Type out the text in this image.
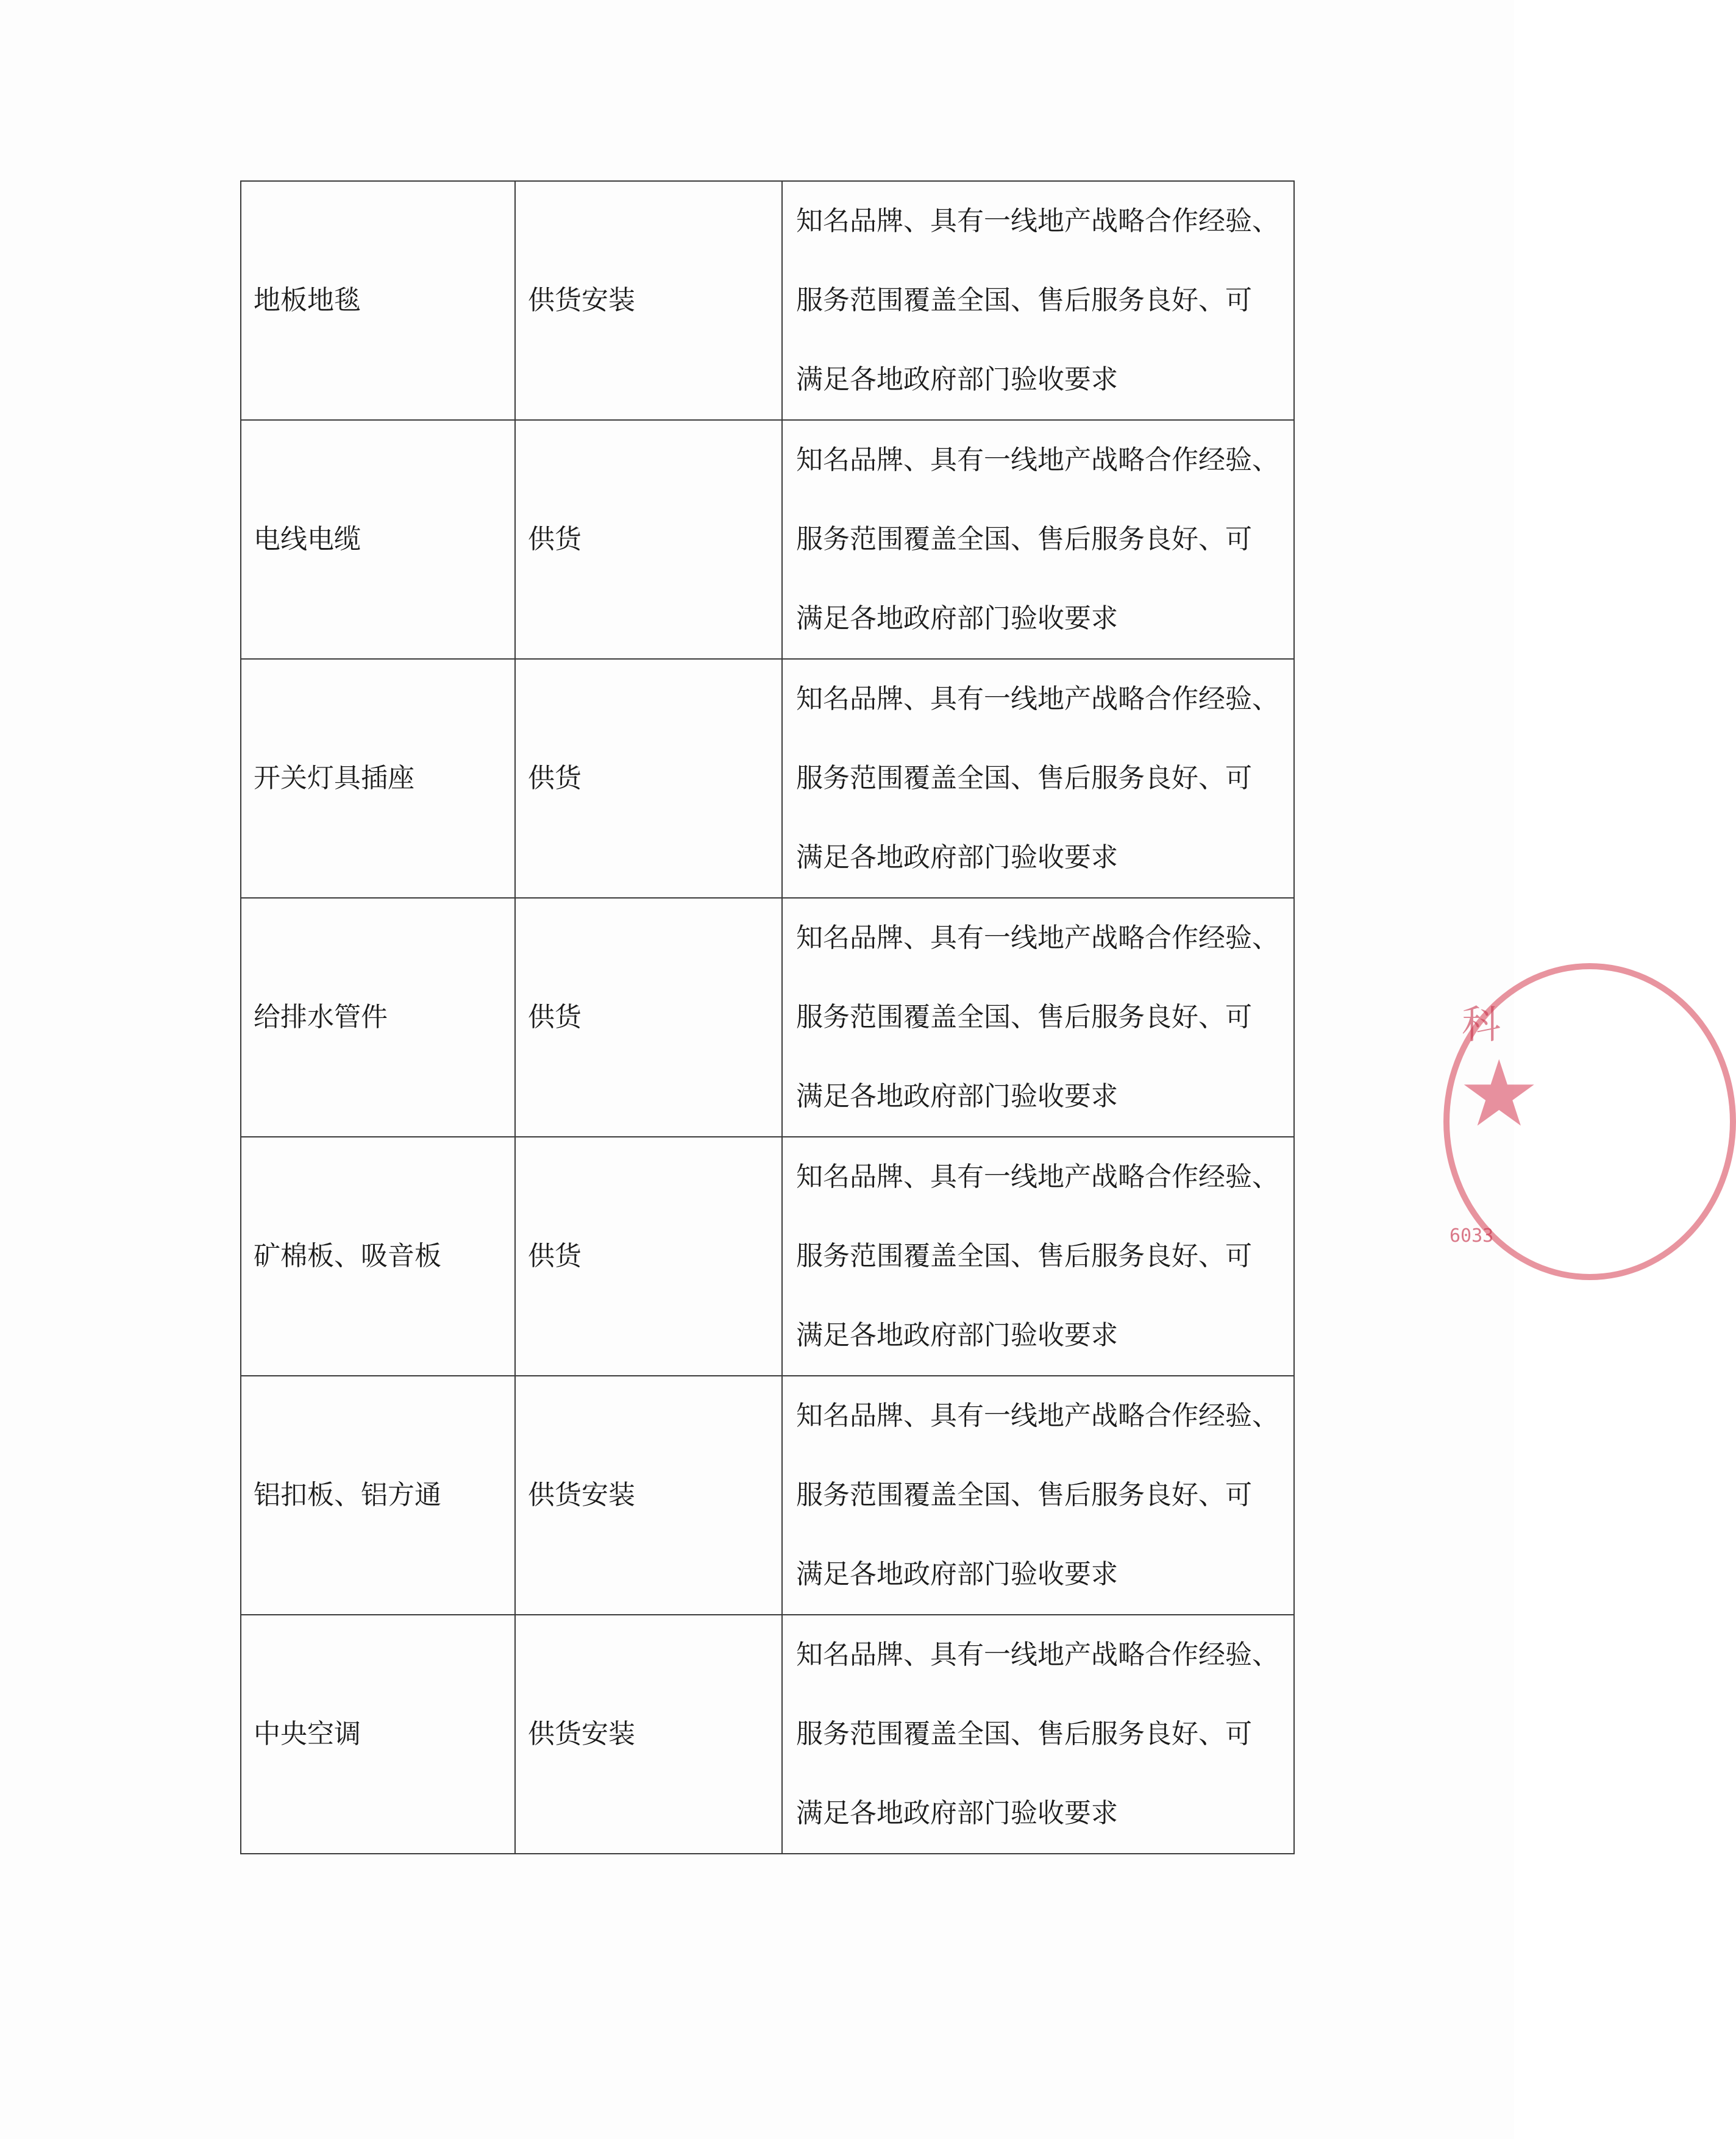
地板地毯	供货安装	知名品牌、具有一线地产战略合作经验、
服务范围覆盖全国、售后服务良好、可
满足各地政府部门验收要求

电线电缆	供货	知名品牌、具有一线地产战略合作经验、
服务范围覆盖全国、售后服务良好、可
满足各地政府部门验收要求

开关灯具插座	供货	知名品牌、具有一线地产战略合作经验、
服务范围覆盖全国、售后服务良好、可
满足各地政府部门验收要求

给排水管件	供货	知名品牌、具有一线地产战略合作经验、
服务范围覆盖全国、售后服务良好、可
满足各地政府部门验收要求

矿棉板、吸音板	供货	知名品牌、具有一线地产战略合作经验、
服务范围覆盖全国、售后服务良好、可
满足各地政府部门验收要求

铝扣板、铝方通	供货安装	知名品牌、具有一线地产战略合作经验、
服务范围覆盖全国、售后服务良好、可
满足各地政府部门验收要求

中央空调	供货安装	知名品牌、具有一线地产战略合作经验、
服务范围覆盖全国、售后服务良好、可
满足各地政府部门验收要求
科
★
6033
